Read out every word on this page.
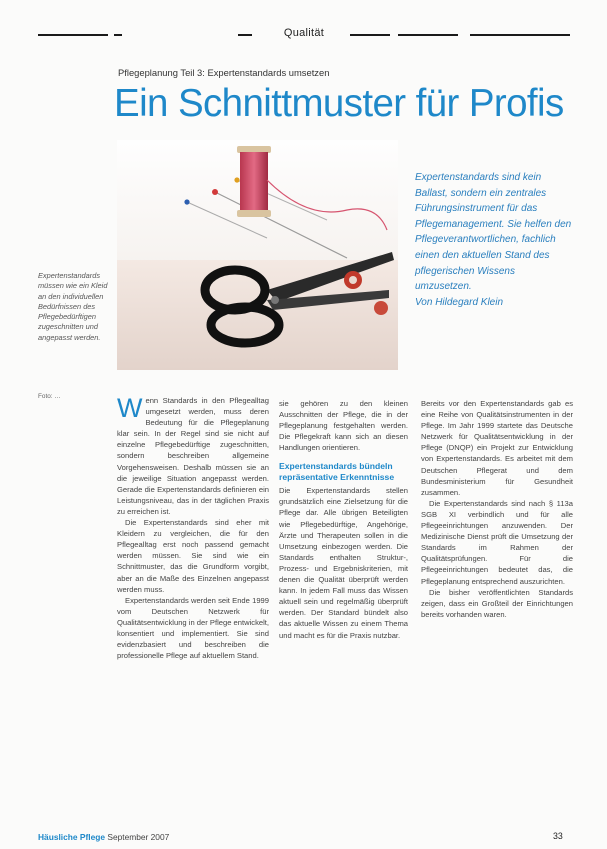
Qualität
Pflegeplanung Teil 3: Expertenstandards umsetzen
Ein Schnittmuster für Profis
Expertenstandards müssen wie ein Kleid an den individuellen Bedürfnissen des Pflegebedürftigen zugeschnitten und angepasst werden.
Foto: …
Expertenstandards sind kein Ballast, sondern ein zentrales Führungsinstrument für das Pflegemanagement. Sie helfen den Pflegeverantwortlichen, fachlich einen den aktuellen Stand des pflegerischen Wissens umzusetzen.
Von Hildegard Klein

Wenn Standards in den Pflegealltag umgesetzt werden, muss deren Bedeutung für die Pflegeplanung klar sein. In der Regel sind sie nicht auf einzelne Pflegebedürftige zugeschnitten, sondern beschreiben allgemeine Vorgehensweisen. Deshalb müssen sie an die jeweilige Situation angepasst werden. Gerade die Expertenstandards definieren ein Leistungsniveau, das in der täglichen Praxis zu erreichen ist.

Die Expertenstandards sind eher mit Kleidern zu vergleichen, die für den Pflegealltag erst noch passend gemacht werden müssen. Sie sind wie ein Schnittmuster, das die Grundform vorgibt, aber an die Maße des Einzelnen angepasst werden muss.

Expertenstandards werden seit Ende 1999 vom Deutschen Netzwerk für Qualitätsentwicklung in der Pflege entwickelt, konsentiert und implementiert. Sie sind evidenzbasiert und beschreiben die professionelle Pflege auf aktuellem Stand.

sie gehören zu den kleinen Ausschnitten der Pflege, die in der Pflegeplanung festgehalten werden. Die Pflegekraft kann sich an diesen Handlungen orientieren.

Expertenstandards bündeln repräsentative Erkenntnisse

Die Expertenstandards stellen grundsätzlich eine Zielsetzung für die Pflege dar. Alle übrigen Beteiligten wie Pflegebedürftige, Angehörige, Ärzte und Therapeuten sollen in die Umsetzung einbezogen werden. Die Standards enthalten Struktur-, Prozess- und Ergebniskriterien, mit denen die Qualität überprüft werden kann. In jedem Fall muss das Wissen aktuell sein und regelmäßig überprüft werden. Der Standard bündelt also das aktuelle Wissen zu einem Thema und macht es für die Praxis nutzbar.

Bereits vor den Expertenstandards gab es eine Reihe von Qualitätsinstrumenten in der Pflege. Im Jahr 1999 startete das Deutsche Netzwerk für Qualitätsentwicklung in der Pflege (DNQP) ein Projekt zur Entwicklung von Expertenstandards. Es arbeitet mit dem Deutschen Pflegerat und dem Bundesministerium für Gesundheit zusammen.

Die Expertenstandards sind nach § 113a SGB XI verbindlich und für alle Pflegeeinrichtungen anzuwenden. Der Medizinische Dienst prüft die Umsetzung der Standards im Rahmen der Qualitätsprüfungen. Für die Pflegeeinrichtungen bedeutet das, die Pflegeplanung entsprechend auszurichten.

Die bisher veröffentlichten Standards zeigen, dass ein Großteil der Einrichtungen bereits vorhanden waren.

Häusliche Pflege September 2007	33
